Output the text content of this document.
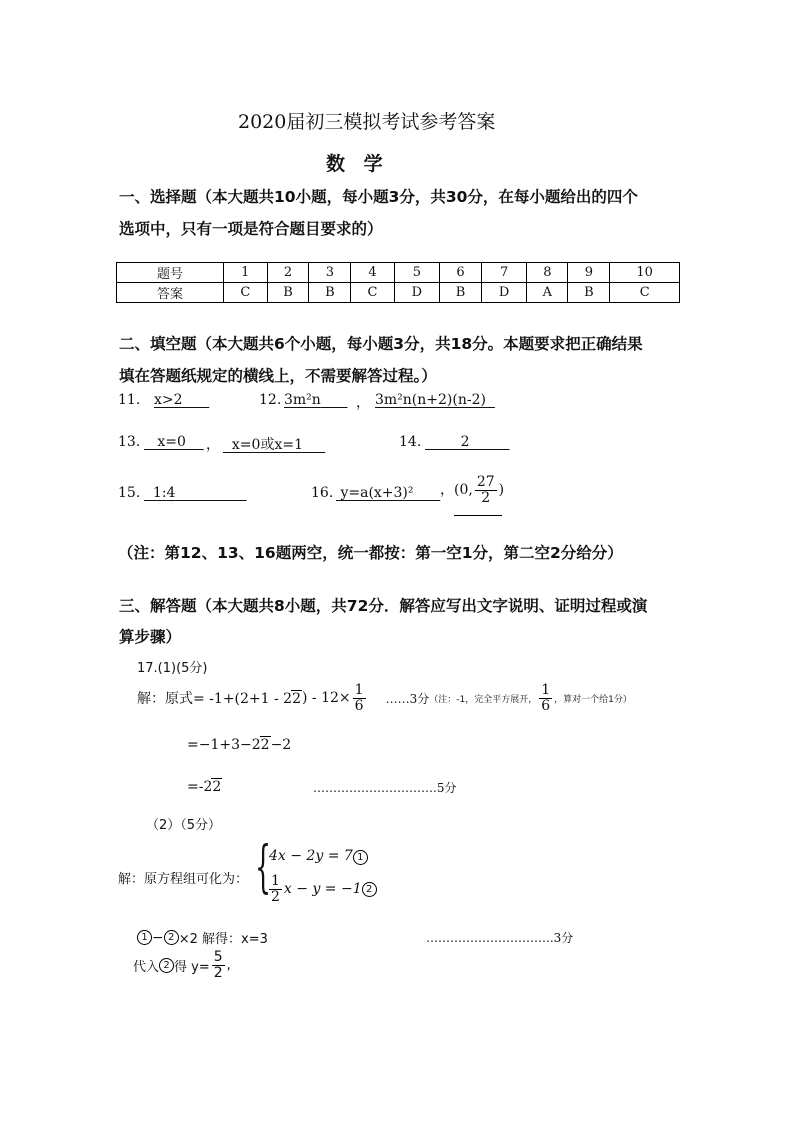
2020届初三模拟考试参考答案
数 学
一、选择题（本大题共10小题，每小题3分，共30分，在每小题给出的四个
选项中，只有一项是符合题目要求的）
题号	1	2	3	4	5	6	7	8	9	10
答案	C	B	B	C	D	B	D	A	B	C
二、填空题（本大题共6个小题，每小题3分，共18分。本题要求把正确结果
填在答题纸规定的横线上，不需要解答过程。）
11. x>2	12. 3m²n	， 3m²n(n+2)(n-2)
13.	x=0	， x=0或x=1	14.	2
15. 1:4	16. y=a(x+3)²	，(0, $\frac{27}{2}$ )
（注：第12、13、16题两空，统一都按：第一空1分，第二空2分给分）
三、解答题（本大题共8小题，共72分．解答应写出文字说明、证明过程或演
算步骤）
17.(1)(5分)
解：原式= -1+(2+1 - 2 2 ) - $12\times \frac{1}{6}$ ……3分 （注：-1，完全平方展开， $\frac{1}{6}$ ，算对一个给1分）
=−1+3−22−2
=-22	………………………….5分
（2）（5分）
解：原方程组可化为： {
4x − 2y = 7 1
$\frac{1}{2}$ x − y = −1 2
1 − 2 ×2 解得：x=3	…………………………..3分
代入 2 得 $y= \frac{5}{2}$ ,
